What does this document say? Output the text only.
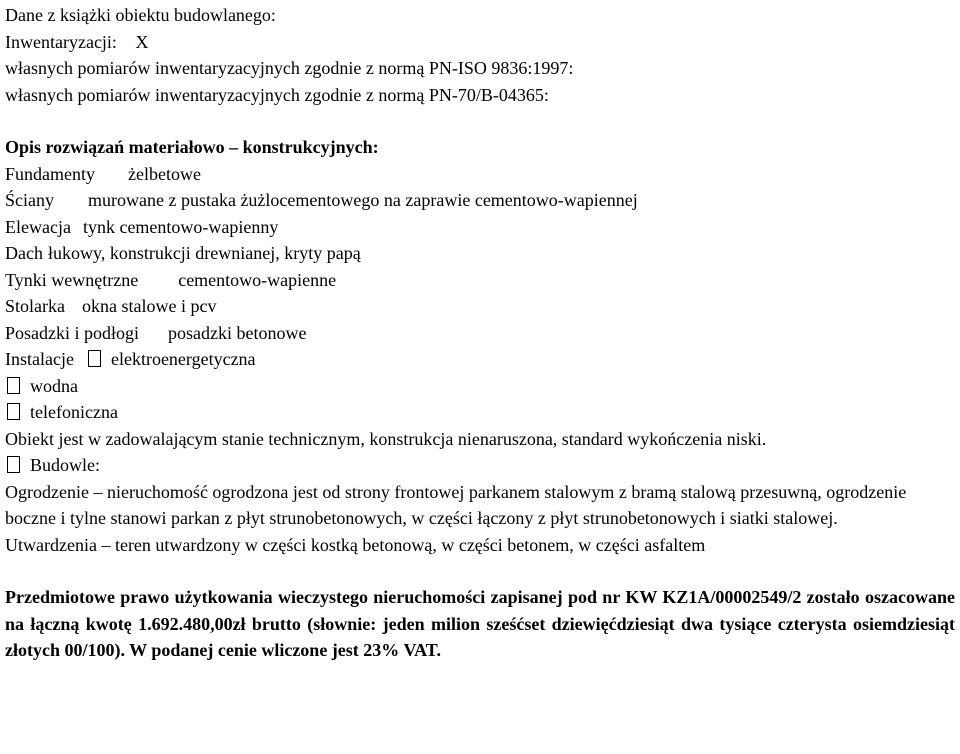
Dane z książki obiektu budowlanego:
Inwentaryzacji: X
własnych pomiarów inwentaryzacyjnych zgodnie z normą PN-ISO 9836:1997:
własnych pomiarów inwentaryzacyjnych zgodnie z normą PN-70/B-04365:
Opis rozwiązań materiałowo – konstrukcyjnych:
Fundamenty żelbetowe
Ściany murowane z pustaka żużlocementowego na zaprawie cementowo-wapiennej
Elewacja tynk cementowo-wapienny
Dach łukowy, konstrukcji drewnianej, kryty papą
Tynki wewnętrzne cementowo-wapienne
Stolarka okna stalowe i pcv
Posadzki i podłogi posadzki betonowe
Instalacje elektroenergetyczna
wodna
telefoniczna
Obiekt jest w zadowalającym stanie technicznym, konstrukcja nienaruszona, standard wykończenia niski.
Budowle:
Ogrodzenie – nieruchomość ogrodzona jest od strony frontowej parkanem stalowym z bramą stalową przesuwną, ogrodzenie boczne i tylne stanowi parkan z płyt strunobetonowych, w części łączony z płyt strunobetonowych i siatki stalowej.
Utwardzenia – teren utwardzony w części kostką betonową, w części betonem, w części asfaltem
Przedmiotowe prawo użytkowania wieczystego nieruchomości zapisanej pod nr KW KZ1A/00002549/2 zostało oszacowane na łączną kwotę 1.692.480,00zł brutto (słownie: jeden milion sześćset dziewięćdziesiąt dwa tysiące czterysta osiemdziesiąt złotych 00/100). W podanej cenie wliczone jest 23% VAT.
